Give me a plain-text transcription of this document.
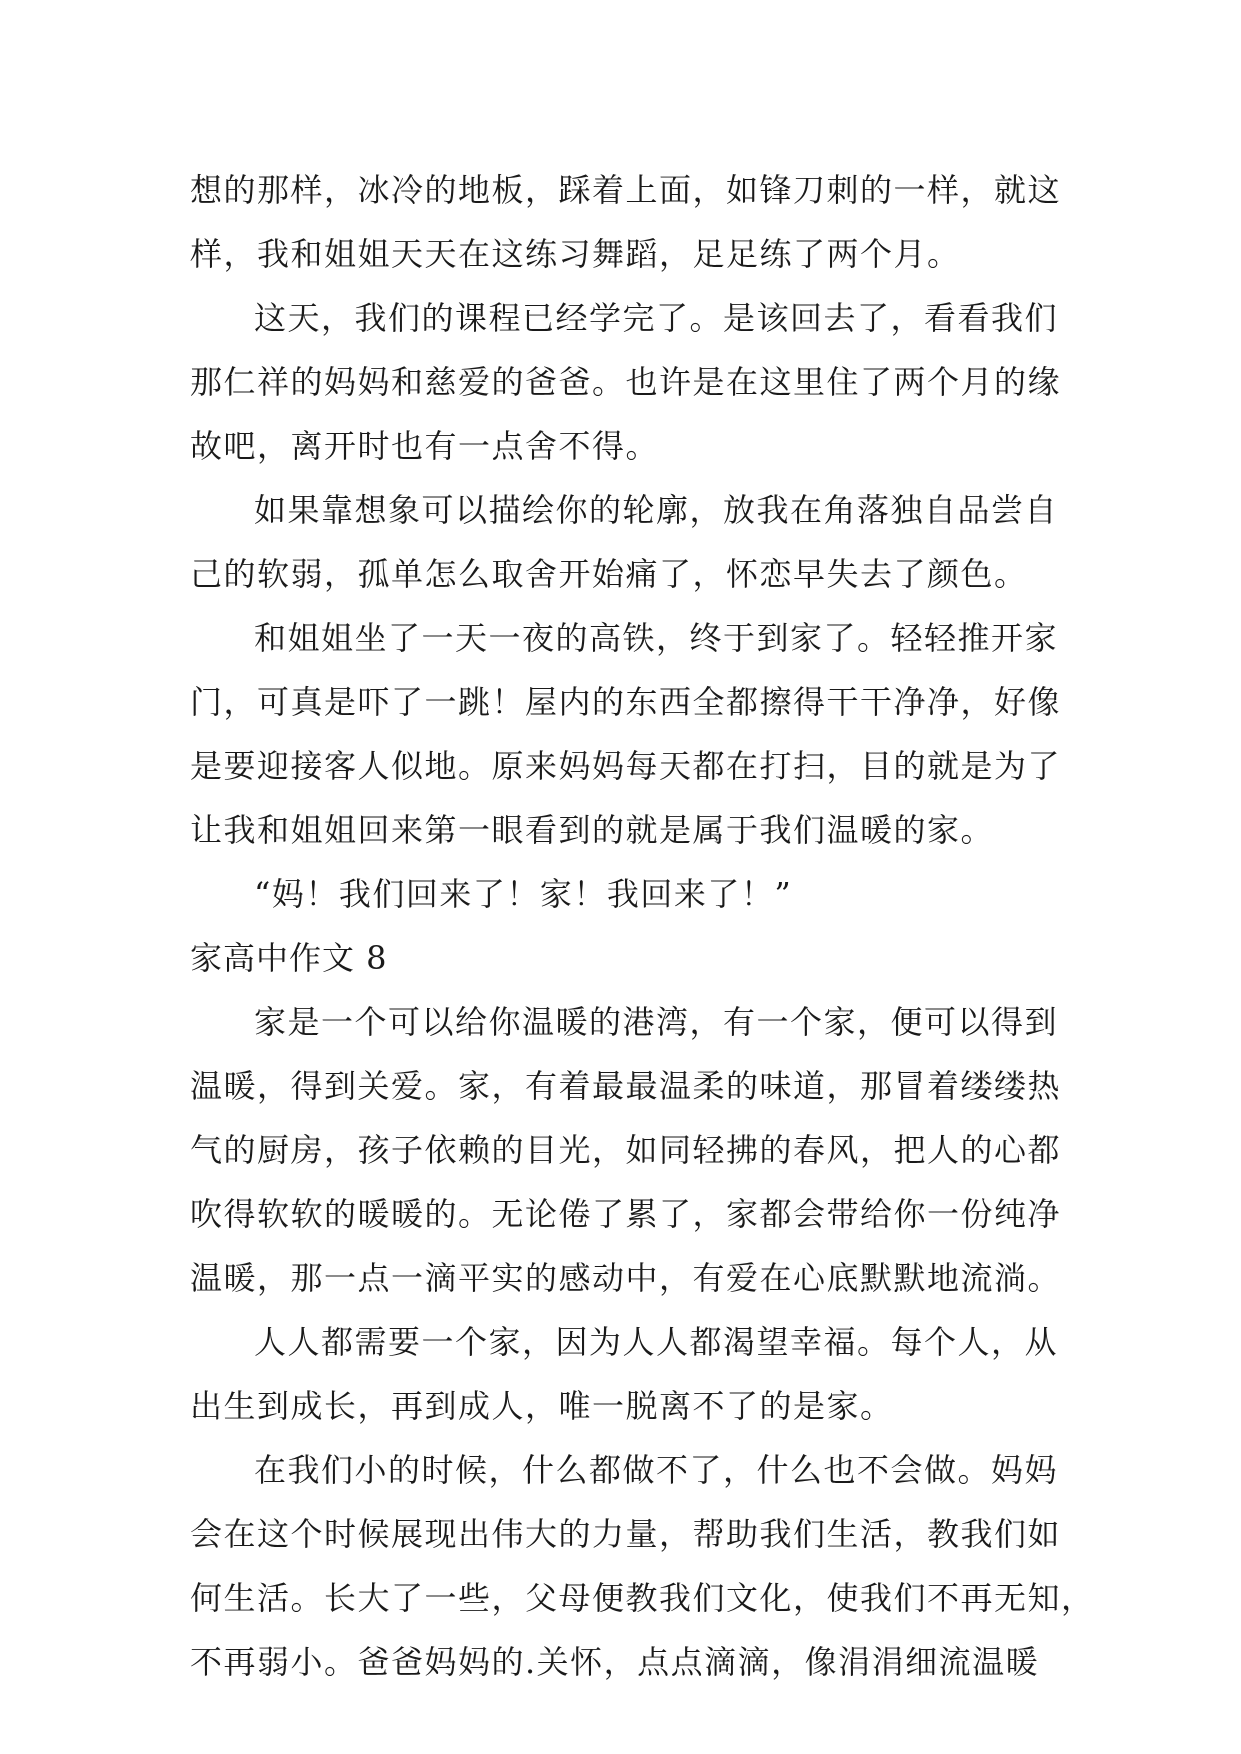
想的那样，冰冷的地板，踩着上面，如锋刀刺的一样，就这
样，我和姐姐天天在这练习舞蹈，足足练了两个月。
这天，我们的课程已经学完了。是该回去了，看看我们
那仁祥的妈妈和慈爱的爸爸。也许是在这里住了两个月的缘
故吧，离开时也有一点舍不得。
如果靠想象可以描绘你的轮廓，放我在角落独自品尝自
己的软弱，孤单怎么取舍开始痛了，怀恋早失去了颜色。
和姐姐坐了一天一夜的高铁，终于到家了。轻轻推开家
门，可真是吓了一跳！屋内的东西全都擦得干干净净，好像
是要迎接客人似地。原来妈妈每天都在打扫，目的就是为了
让我和姐姐回来第一眼看到的就是属于我们温暖的家。
“妈！我们回来了！家！我回来了！”
家高中作文 8
家是一个可以给你温暖的港湾，有一个家，便可以得到
温暖，得到关爱。家，有着最最温柔的味道，那冒着缕缕热
气的厨房，孩子依赖的目光，如同轻拂的春风，把人的心都
吹得软软的暖暖的。无论倦了累了，家都会带给你一份纯净
温暖，那一点一滴平实的感动中，有爱在心底默默地流淌。
人人都需要一个家，因为人人都渴望幸福。每个人，从
出生到成长，再到成人，唯一脱离不了的是家。
在我们小的时候，什么都做不了，什么也不会做。妈妈
会在这个时候展现出伟大的力量，帮助我们生活，教我们如
何生活。长大了一些，父母便教我们文化，使我们不再无知，
不再弱小。爸爸妈妈的.关怀，点点滴滴，像涓涓细流温暖
